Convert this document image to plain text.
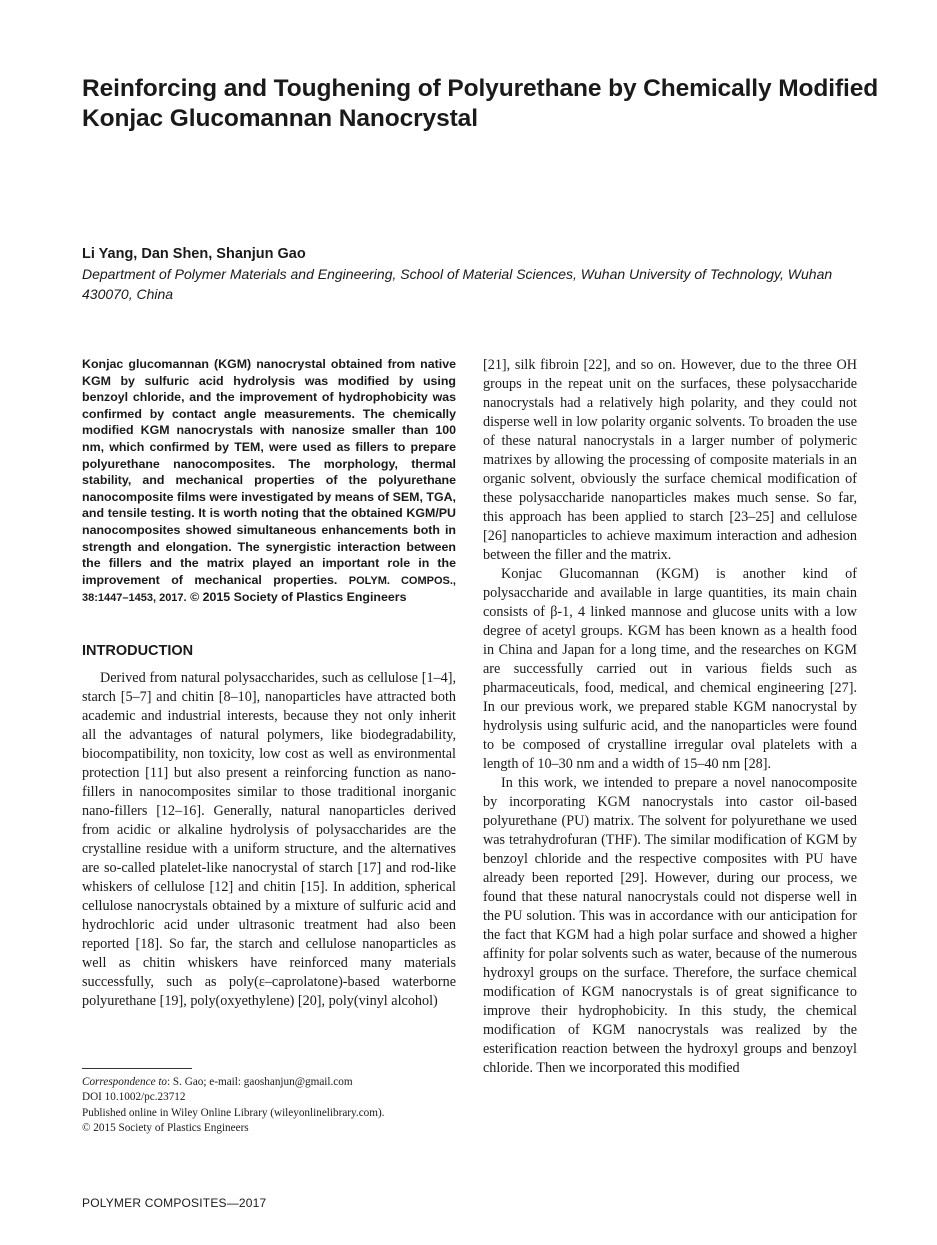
Reinforcing and Toughening of Polyurethane by Chemically Modified Konjac Glucomannan Nanocrystal

Li Yang, Dan Shen, Shanjun Gao

Department of Polymer Materials and Engineering, School of Material Sciences, Wuhan University of Technology, Wuhan 430070, China

Konjac glucomannan (KGM) nanocrystal obtained from native KGM by sulfuric acid hydrolysis was modified by using benzoyl chloride, and the improvement of hydrophobicity was confirmed by contact angle measurements. The chemically modified KGM nanocrystals with nanosize smaller than 100 nm, which confirmed by TEM, were used as fillers to prepare polyurethane nanocomposites. The morphology, thermal stability, and mechanical properties of the polyurethane nanocomposite films were investigated by means of SEM, TGA, and tensile testing. It is worth noting that the obtained KGM/PU nanocomposites showed simultaneous enhancements both in strength and elongation. The synergistic interaction between the fillers and the matrix played an important role in the improvement of mechanical properties. POLYM. COMPOS., 38:1447–1453, 2017. © 2015 Society of Plastics Engineers

INTRODUCTION

Derived from natural polysaccharides, such as cellulose [1–4], starch [5–7] and chitin [8–10], nanoparticles have attracted both academic and industrial interests, because they not only inherit all the advantages of natural polymers, like biodegradability, biocompatibility, non toxicity, low cost as well as environmental protection [11] but also present a reinforcing function as nano-fillers in nanocomposites similar to those traditional inorganic nano-fillers [12–16]. Generally, natural nanoparticles derived from acidic or alkaline hydrolysis of polysaccharides are the crystalline residue with a uniform structure, and the alternatives are so-called platelet-like nanocrystal of starch [17] and rod-like whiskers of cellulose [12] and chitin [15]. In addition, spherical cellulose nanocrystals obtained by a mixture of sulfuric acid and hydrochloric acid under ultrasonic treatment had also been reported [18]. So far, the starch and cellulose nanoparticles as well as chitin whiskers have reinforced many materials successfully, such as poly(ε–caprolatone)-based waterborne polyurethane [19], poly(oxyethylene) [20], poly(vinyl alcohol)

[21], silk fibroin [22], and so on. However, due to the three OH groups in the repeat unit on the surfaces, these polysaccharide nanocrystals had a relatively high polarity, and they could not disperse well in low polarity organic solvents. To broaden the use of these natural nanocrystals in a larger number of polymeric matrixes by allowing the processing of composite materials in an organic solvent, obviously the surface chemical modification of these polysaccharide nanoparticles makes much sense. So far, this approach has been applied to starch [23–25] and cellulose [26] nanoparticles to achieve maximum interaction and adhesion between the filler and the matrix.

Konjac Glucomannan (KGM) is another kind of polysaccharide and available in large quantities, its main chain consists of β-1, 4 linked mannose and glucose units with a low degree of acetyl groups. KGM has been known as a health food in China and Japan for a long time, and the researches on KGM are successfully carried out in various fields such as pharmaceuticals, food, medical, and chemical engineering [27]. In our previous work, we prepared stable KGM nanocrystal by hydrolysis using sulfuric acid, and the nanoparticles were found to be composed of crystalline irregular oval platelets with a length of 10–30 nm and a width of 15–40 nm [28].

In this work, we intended to prepare a novel nanocomposite by incorporating KGM nanocrystals into castor oil-based polyurethane (PU) matrix. The solvent for polyurethane we used was tetrahydrofuran (THF). The similar modification of KGM by benzoyl chloride and the respective composites with PU have already been reported [29]. However, during our process, we found that these natural nanocrystals could not disperse well in the PU solution. This was in accordance with our anticipation for the fact that KGM had a high polar surface and showed a higher affinity for polar solvents such as water, because of the numerous hydroxyl groups on the surface. Therefore, the surface chemical modification of KGM nanocrystals is of great significance to improve their hydrophobicity. In this study, the chemical modification of KGM nanocrystals was realized by the esterification reaction between the hydroxyl groups and benzoyl chloride. Then we incorporated this modified

Correspondence to: S. Gao; e-mail: gaoshanjun@gmail.com
DOI 10.1002/pc.23712
Published online in Wiley Online Library (wileyonlinelibrary.com).
© 2015 Society of Plastics Engineers
POLYMER COMPOSITES—2017
